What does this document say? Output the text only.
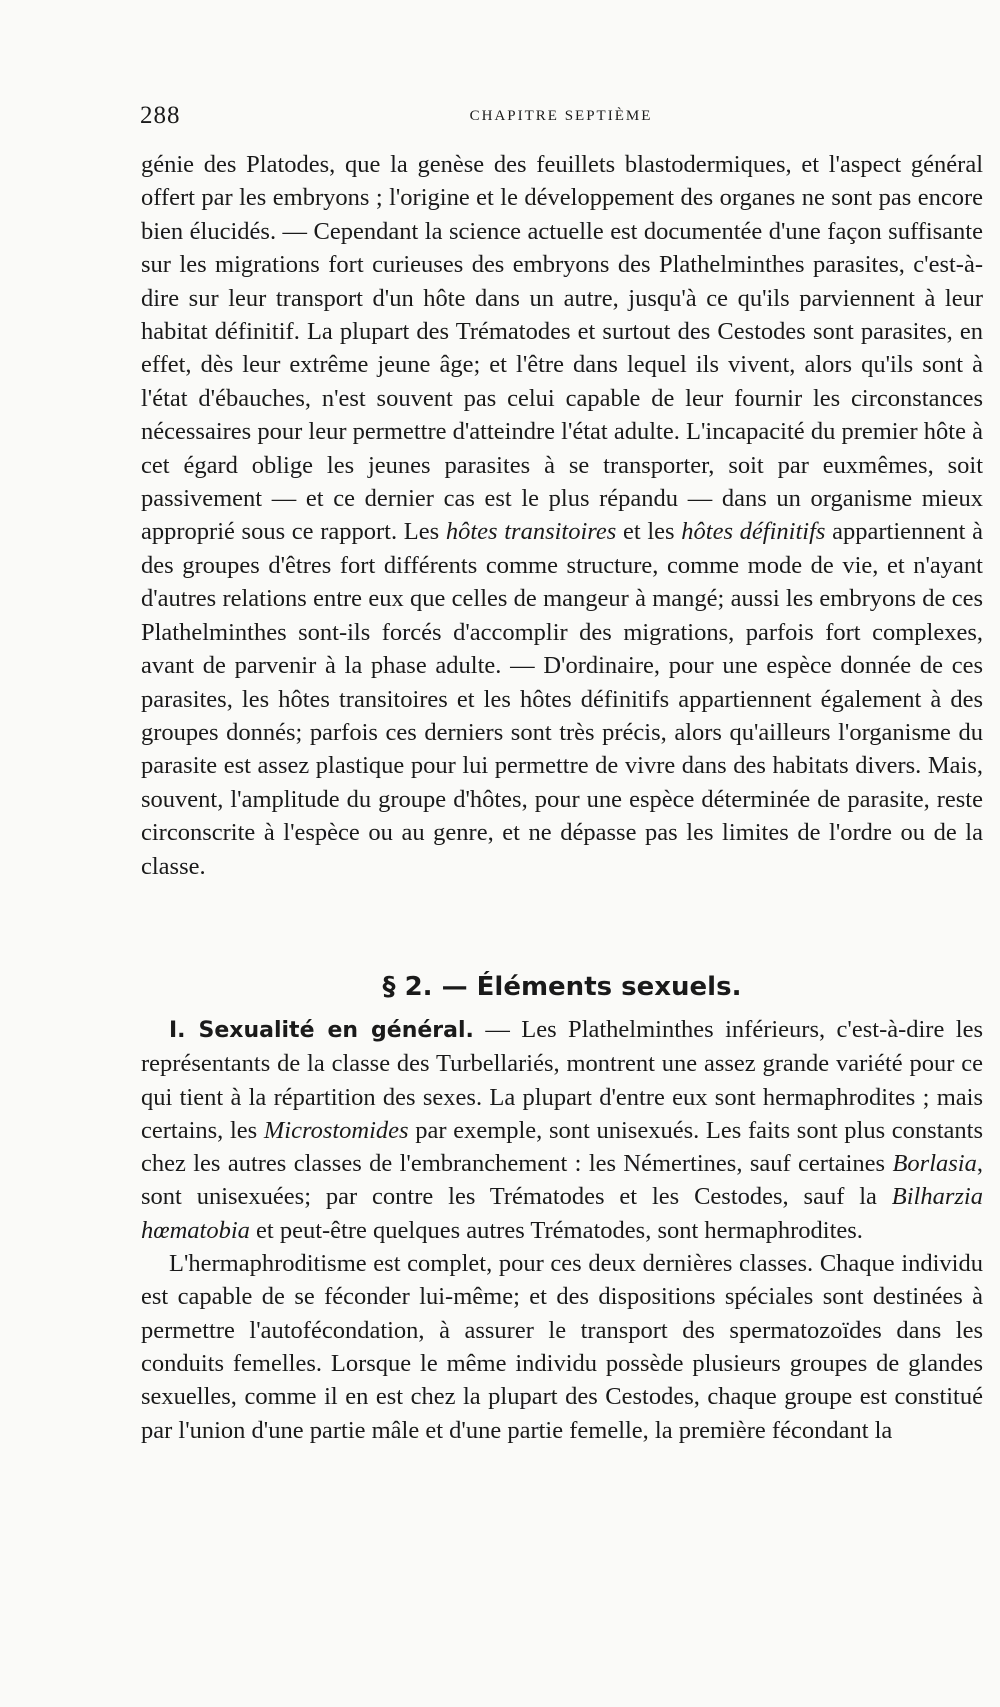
288	CHAPITRE SEPTIÈME

génie des Platodes, que la genèse des feuillets blastodermiques, et l'aspect général offert par les embryons ; l'origine et le développement des organes ne sont pas encore bien élucidés. — Cependant la science actuelle est documentée d'une façon suffisante sur les migrations fort curieuses des embryons des Plathelminthes parasites, c'est-à-dire sur leur transport d'un hôte dans un autre, jusqu'à ce qu'ils parviennent à leur habitat définitif. La plupart des Trématodes et surtout des Cestodes sont parasites, en effet, dès leur extrême jeune âge; et l'être dans lequel ils vivent, alors qu'ils sont à l'état d'ébauches, n'est souvent pas celui capable de leur fournir les circonstances nécessaires pour leur permettre d'atteindre l'état adulte. L'incapacité du premier hôte à cet égard oblige les jeunes parasites à se transporter, soit par euxmêmes, soit passivement — et ce dernier cas est le plus répandu — dans un organisme mieux approprié sous ce rapport. Les hôtes transitoires et les hôtes définitifs appartiennent à des groupes d'êtres fort différents comme structure, comme mode de vie, et n'ayant d'autres relations entre eux que celles de mangeur à mangé; aussi les embryons de ces Plathelminthes sont-ils forcés d'accomplir des migrations, parfois fort complexes, avant de parvenir à la phase adulte. — D'ordinaire, pour une espèce donnée de ces parasites, les hôtes transitoires et les hôtes définitifs appartiennent également à des groupes donnés; parfois ces derniers sont très précis, alors qu'ailleurs l'organisme du parasite est assez plastique pour lui permettre de vivre dans des habitats divers. Mais, souvent, l'amplitude du groupe d'hôtes, pour une espèce déterminée de parasite, reste circonscrite à l'espèce ou au genre, et ne dépasse pas les limites de l'ordre ou de la classe.

§ 2. — Éléments sexuels.

I. Sexualité en général. — Les Plathelminthes inférieurs, c'est-à-dire les représentants de la classe des Turbellariés, montrent une assez grande variété pour ce qui tient à la répartition des sexes. La plupart d'entre eux sont hermaphrodites ; mais certains, les Microstomides par exemple, sont unisexués. Les faits sont plus constants chez les autres classes de l'embranchement : les Némertines, sauf certaines Borlasia, sont unisexuées; par contre les Trématodes et les Cestodes, sauf la Bilharzia hœmatobia et peut-être quelques autres Trématodes, sont hermaphrodites.

L'hermaphroditisme est complet, pour ces deux dernières classes. Chaque individu est capable de se féconder lui-même; et des dispositions spéciales sont destinées à permettre l'autofécondation, à assurer le transport des spermatozoïdes dans les conduits femelles. Lorsque le même individu possède plusieurs groupes de glandes sexuelles, comme il en est chez la plupart des Cestodes, chaque groupe est constitué par l'union d'une partie mâle et d'une partie femelle, la première fécondant la
